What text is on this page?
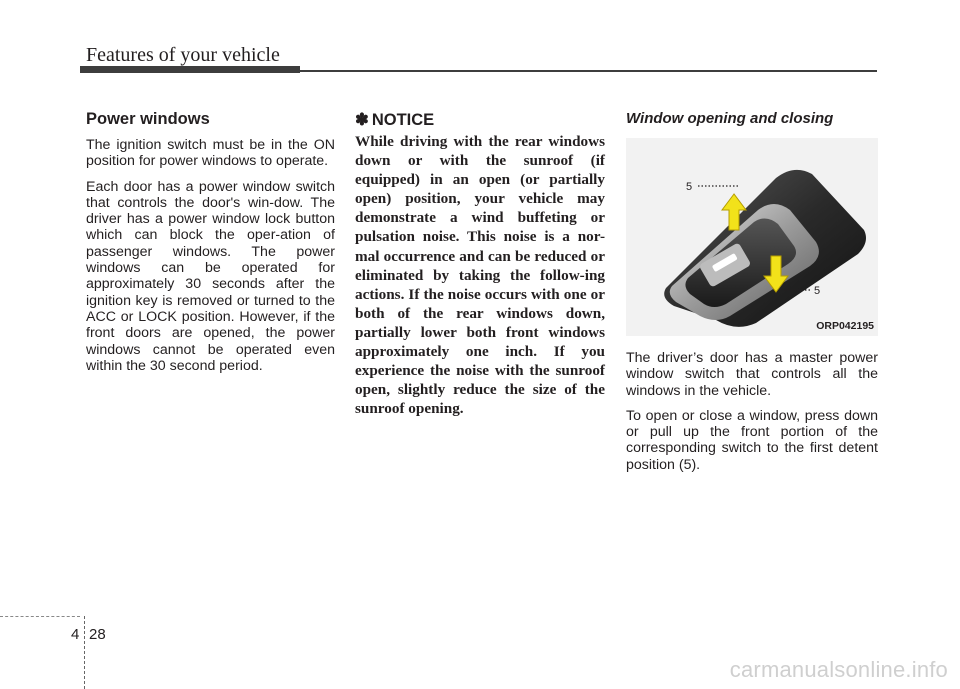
Features of your vehicle
Power windows

The ignition switch must be in the ON position for power windows to operate.

Each door has a power window switch that controls the door's win-dow. The driver has a power window lock button which can block the oper-ation of passenger windows. The power windows can be operated for approximately 30 seconds after the ignition key is removed or turned to the ACC or LOCK position. However, if the front doors are opened, the power windows cannot be operated even within the 30 second period.

✽ NOTICE

While driving with the rear windows down or with the sunroof (if equipped) in an open (or partially open) position, your vehicle may demonstrate a wind buffeting or pulsation noise. This noise is a nor-mal occurrence and can be reduced or eliminated by taking the follow-ing actions. If the noise occurs with one or both of the rear windows down, partially lower both front windows approximately one inch. If you experience the noise with the sunroof open, slightly reduce the size of the sunroof opening.

Window opening and closing
5
5
ORP042195

The driver’s door has a master power window switch that controls all the windows in the vehicle.

To open or close a window, press down or pull up the front portion of the corresponding switch to the first detent position (5).

4 28
carmanualsonline.info
